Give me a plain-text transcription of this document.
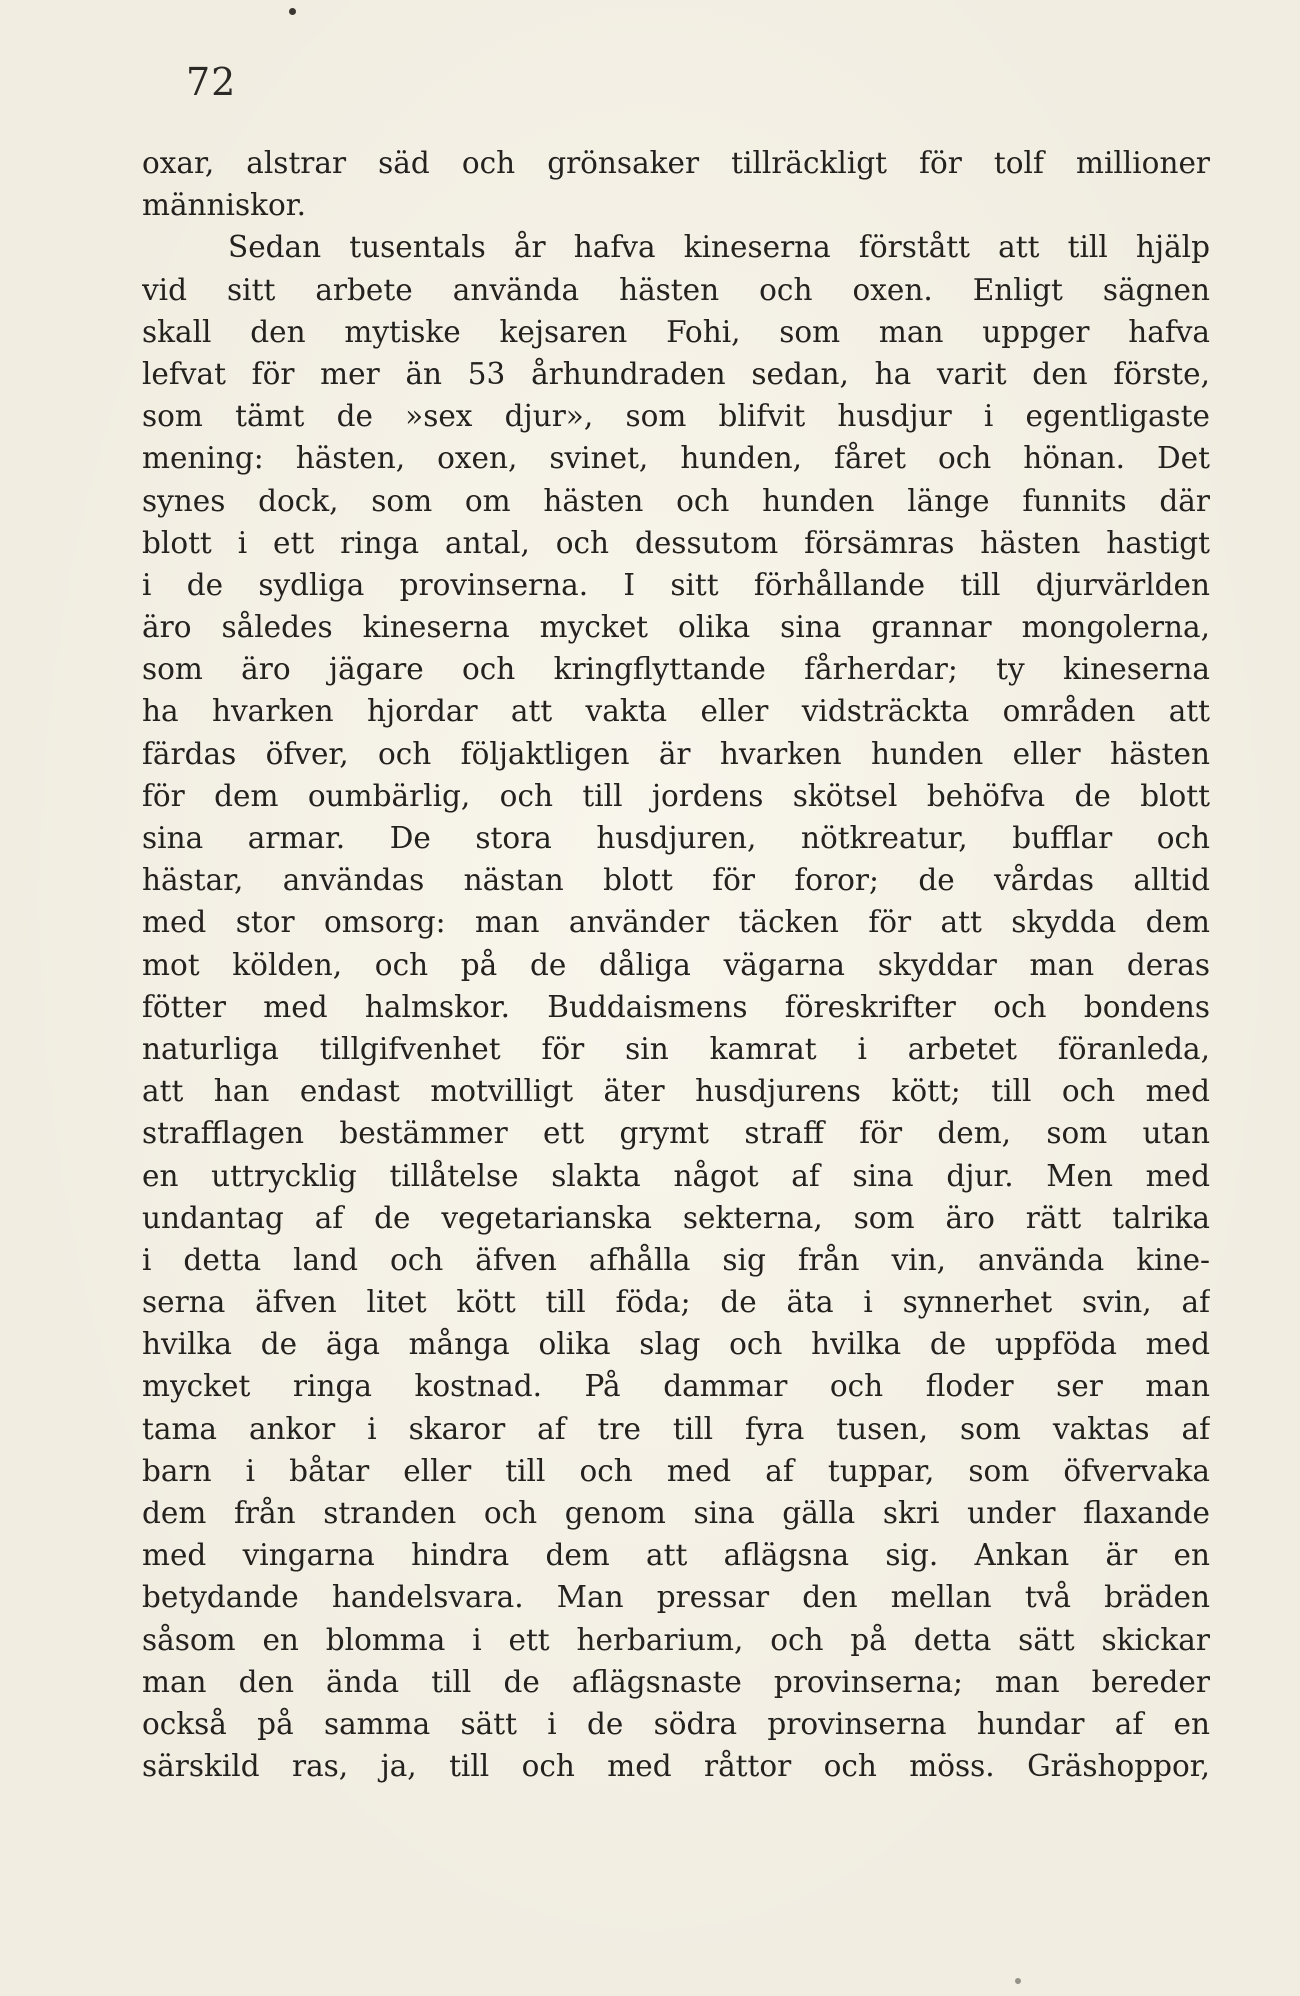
72
oxar, alstrar säd och grönsaker tillräckligt för tolf millioner
människor.
Sedan tusentals år hafva kineserna förstått att till hjälp
vid sitt arbete använda hästen och oxen. Enligt sägnen
skall den mytiske kejsaren Fohi, som man uppger hafva
lefvat för mer än 53 århundraden sedan, ha varit den förste,
som tämt de »sex djur», som blifvit husdjur i egentligaste
mening: hästen, oxen, svinet, hunden, fåret och hönan. Det
synes dock, som om hästen och hunden länge funnits där
blott i ett ringa antal, och dessutom försämras hästen hastigt
i de sydliga provinserna. I sitt förhållande till djurvärlden
äro således kineserna mycket olika sina grannar mongolerna,
som äro jägare och kringflyttande fårherdar; ty kineserna
ha hvarken hjordar att vakta eller vidsträckta områden att
färdas öfver, och följaktligen är hvarken hunden eller hästen
för dem oumbärlig, och till jordens skötsel behöfva de blott
sina armar. De stora husdjuren, nötkreatur, bufflar och
hästar, användas nästan blott för foror; de vårdas alltid
med stor omsorg: man använder täcken för att skydda dem
mot kölden, och på de dåliga vägarna skyddar man deras
fötter med halmskor. Buddaismens föreskrifter och bondens
naturliga tillgifvenhet för sin kamrat i arbetet föranleda,
att han endast motvilligt äter husdjurens kött; till och med
strafflagen bestämmer ett grymt straff för dem, som utan
en uttrycklig tillåtelse slakta något af sina djur. Men med
undantag af de vegetarianska sekterna, som äro rätt talrika
i detta land och äfven afhålla sig från vin, använda kine-
serna äfven litet kött till föda; de äta i synnerhet svin, af
hvilka de äga många olika slag och hvilka de uppföda med
mycket ringa kostnad. På dammar och floder ser man
tama ankor i skaror af tre till fyra tusen, som vaktas af
barn i båtar eller till och med af tuppar, som öfvervaka
dem från stranden och genom sina gälla skri under flaxande
med vingarna hindra dem att aflägsna sig. Ankan är en
betydande handelsvara. Man pressar den mellan två bräden
såsom en blomma i ett herbarium, och på detta sätt skickar
man den ända till de aflägsnaste provinserna; man bereder
också på samma sätt i de södra provinserna hundar af en
särskild ras, ja, till och med råttor och möss. Gräshoppor,
